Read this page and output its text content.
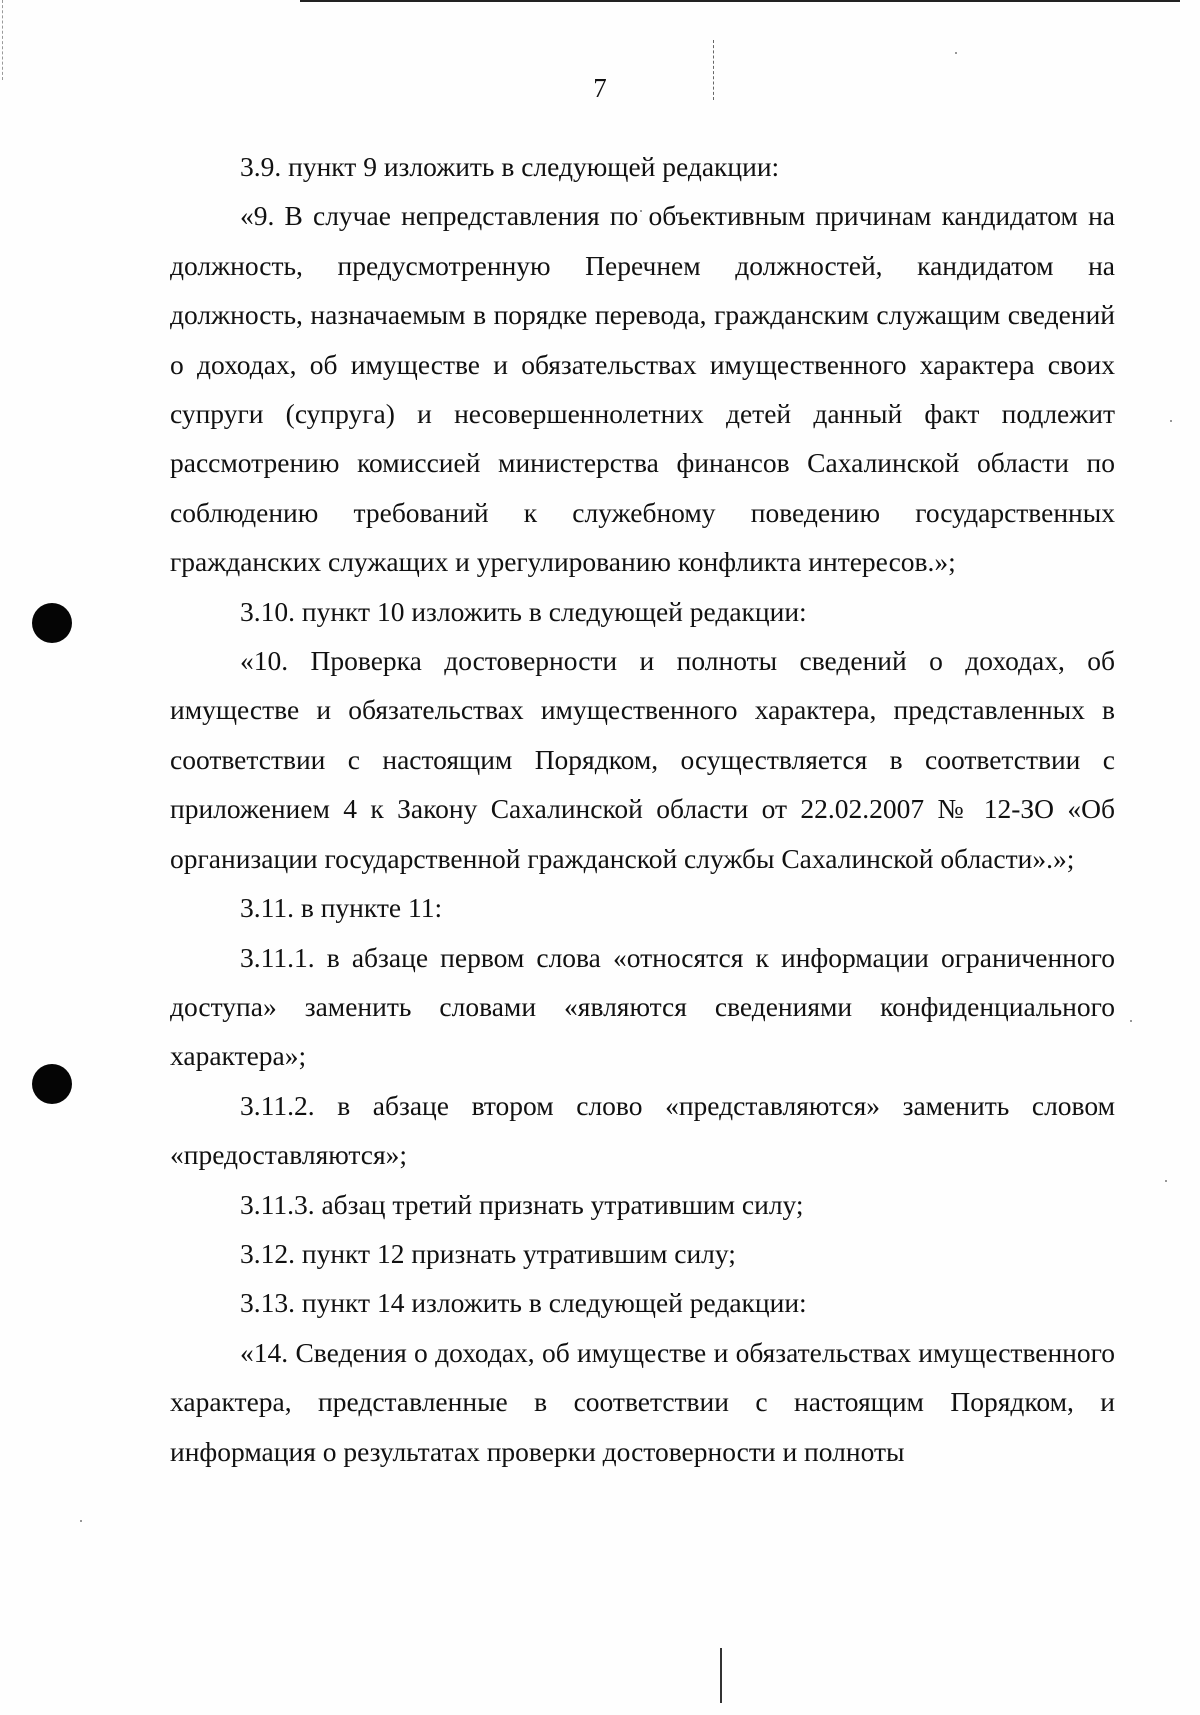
7

3.9. пункт 9 изложить в следующей редакции:

«9. В случае непредставления по объективным причинам кандидатом на должность, предусмотренную Перечнем должностей, кандидатом на должность, назначаемым в порядке перевода, гражданским служащим сведений о доходах, об имуществе и обязательствах имущественного характера своих супруги (супруга) и несовершеннолетних детей данный факт подлежит рассмотрению комиссией министерства финансов Сахалинской области по соблюдению требований к служебному поведению государственных гражданских служащих и урегулированию конфликта интересов.»;

3.10. пункт 10 изложить в следующей редакции:

«10. Проверка достоверности и полноты сведений о доходах, об имуществе и обязательствах имущественного характера, представленных в соответствии с настоящим Порядком, осуществляется в соответствии с приложением 4 к Закону Сахалинской области от 22.02.2007 № 12-ЗО «Об организации государственной гражданской службы Сахалинской области».»;

3.11. в пункте 11:

3.11.1. в абзаце первом слова «относятся к информации ограниченного доступа» заменить словами «являются сведениями конфиденциального характера»;

3.11.2. в абзаце втором слово «представляются» заменить словом «предоставляются»;

3.11.3. абзац третий признать утратившим силу;

3.12. пункт 12 признать утратившим силу;

3.13. пункт 14 изложить в следующей редакции:

«14. Сведения о доходах, об имуществе и обязательствах имущественного характера, представленные в соответствии с настоящим Порядком, и информация о результатах проверки достоверности и полноты
